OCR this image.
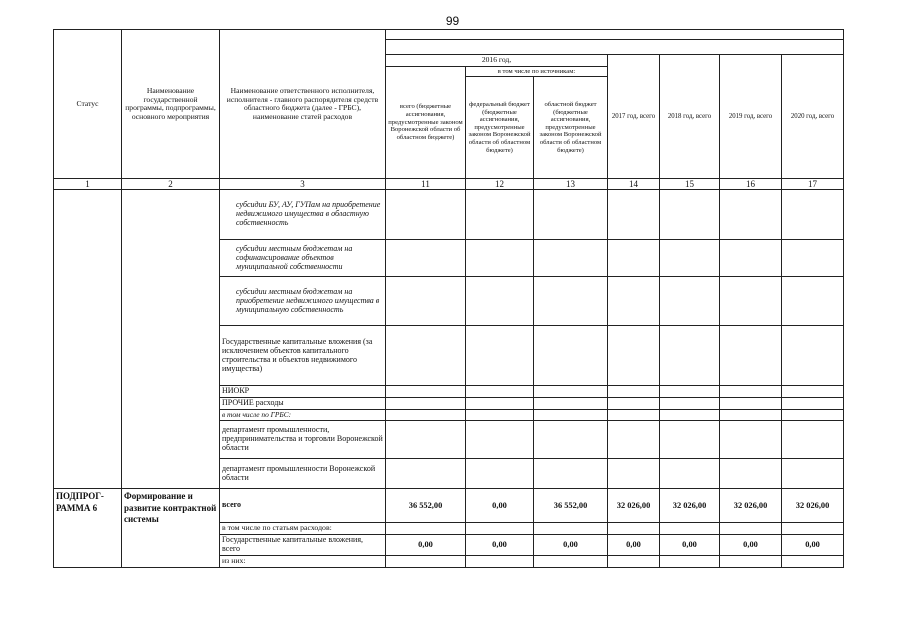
99
Статус	Наименование государственной программы, подпрограммы, основного мероприятия	Наименование ответственного исполнителя, исполнителя - главного распорядителя средств областного бюджета (далее - ГРБС), наименование статей расходов							

			2016 год,			2017 год, всего	2018 год, всего	2019 год, всего	2020 год, всего
			всего (бюджетные ассигнования, предусмотренные законом Воронежской области об областном бюджете)	в том числе по источникам:					
				федеральный бюджет (бюджетные ассигнования, предусмотренные законом Воронежской области об областном бюджете)	областной бюджет (бюджетные ассигнования, предусмотренные законом Воронежской области об областном бюджете)				
1	2	3	11	12	13	14	15	16	17
		субсидии БУ, АУ, ГУПам на приобретение недвижимого имущества в областную собственность							
		субсидии местным бюджетам на софинансирование объектов муниципальной собственности							
		субсидии местным бюджетам на приобретение недвижимого имущества в муниципальную собственность							
		Государственные капитальные вложения (за исключением объектов капитального строительства и объектов недвижимого имущества)							
		НИОКР							
		ПРОЧИЕ расходы							
		в том числе по ГРБС:							
		департамент промышленности, предпринимательства и торговли Воронежской области							
		департамент промышленности Воронежской области							
ПОДПРОГ-РАММА 6	Формирование и развитие контрактной системы	всего	36 552,00	0,00	36 552,00	32 026,00	32 026,00	32 026,00	32 026,00
		в том числе по статьям расходов:							
		Государственные капитальные вложения, всего	0,00	0,00	0,00	0,00	0,00	0,00	0,00
		из них:							
